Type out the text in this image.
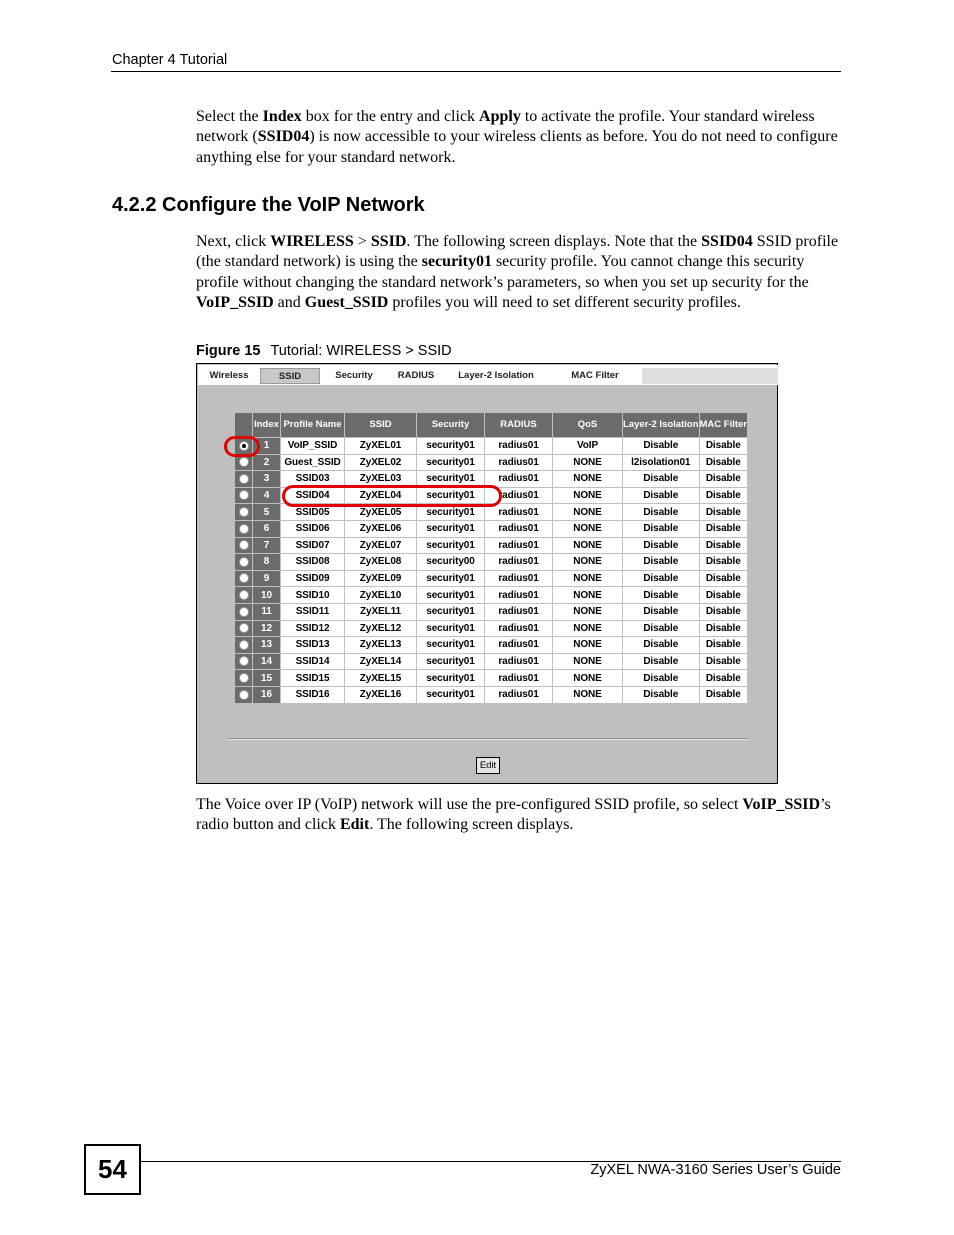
Chapter 4 Tutorial
Select the Index box for the entry and click Apply to activate the profile. Your standard wireless network (SSID04) is now accessible to your wireless clients as before. You do not need to configure anything else for your standard network.
4.2.2 Configure the VoIP Network
Next, click WIRELESS > SSID. The following screen displays. Note that the SSID04 SSID profile (the standard network) is using the security01 security profile. You cannot change this security profile without changing the standard network’s parameters, so when you set up security for the VoIP_SSID and Guest_SSID profiles you will need to set different security profiles.
Figure 15 Tutorial: WIRELESS > SSID
Wireless	SSID	Security	RADIUS	Layer-2 Isolation	MAC Filter
	Index	Profile Name	SSID	Security	RADIUS	QoS	Layer-2 Isolation	MAC Filter
	1	VoIP_SSID	ZyXEL01	security01	radius01	VoIP	Disable	Disable
	2	Guest_SSID	ZyXEL02	security01	radius01	NONE	l2isolation01	Disable
	3	SSID03	ZyXEL03	security01	radius01	NONE	Disable	Disable
	4	SSID04	ZyXEL04	security01	radius01	NONE	Disable	Disable
	5	SSID05	ZyXEL05	security01	radius01	NONE	Disable	Disable
	6	SSID06	ZyXEL06	security01	radius01	NONE	Disable	Disable
	7	SSID07	ZyXEL07	security01	radius01	NONE	Disable	Disable
	8	SSID08	ZyXEL08	security00	radius01	NONE	Disable	Disable
	9	SSID09	ZyXEL09	security01	radius01	NONE	Disable	Disable
	10	SSID10	ZyXEL10	security01	radius01	NONE	Disable	Disable
	11	SSID11	ZyXEL11	security01	radius01	NONE	Disable	Disable
	12	SSID12	ZyXEL12	security01	radius01	NONE	Disable	Disable
	13	SSID13	ZyXEL13	security01	radius01	NONE	Disable	Disable
	14	SSID14	ZyXEL14	security01	radius01	NONE	Disable	Disable
	15	SSID15	ZyXEL15	security01	radius01	NONE	Disable	Disable
	16	SSID16	ZyXEL16	security01	radius01	NONE	Disable	Disable
Edit
The Voice over IP (VoIP) network will use the pre-configured SSID profile, so select VoIP_SSID’s radio button and click Edit. The following screen displays.
54	ZyXEL NWA-3160 Series User’s Guide
